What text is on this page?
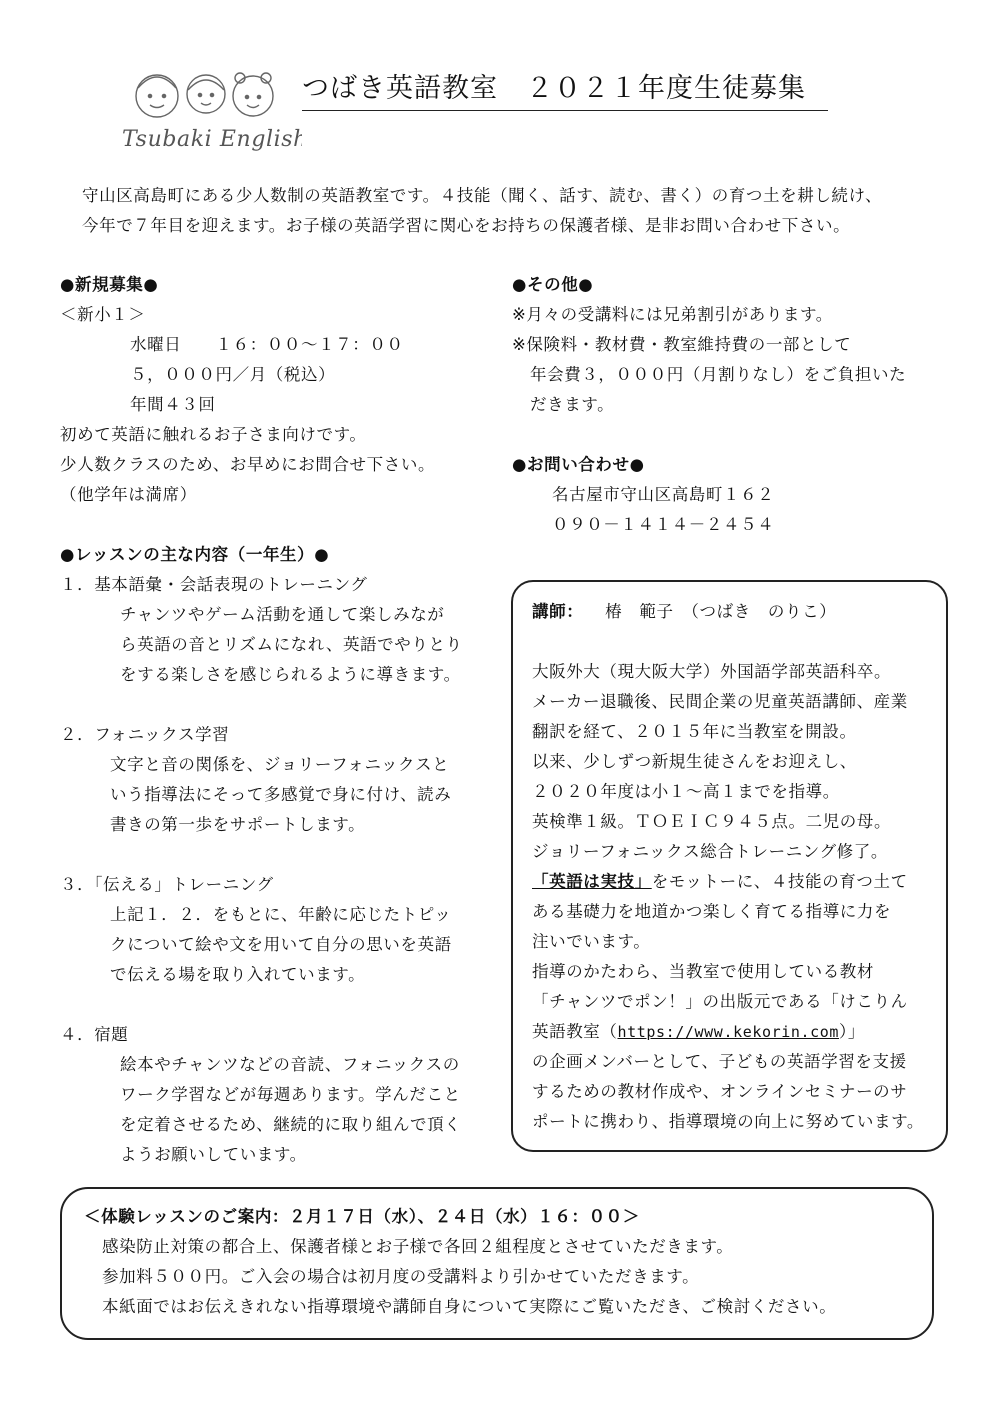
Tsubaki English
つばき英語教室　２０２１年度生徒募集
守山区高島町にある少人数制の英語教室です。４技能（聞く、話す、読む、書く）の育つ土を耕し続け、
今年で７年目を迎えます。お子様の英語学習に関心をお持ちの保護者様、是非お問い合わせ下さい。
●新規募集●
＜新小１＞
水曜日　　１６：００～１７：００
５，０００円／月（税込）
年間４３回
初めて英語に触れるお子さま向けです。
少人数クラスのため、お早めにお問合せ下さい。
（他学年は満席）
●レッスンの主な内容（一年生）●
１．基本語彙・会話表現のトレーニング
チャンツやゲーム活動を通して楽しみなが
ら英語の音とリズムになれ、英語でやりとり
をする楽しさを感じられるように導きます。
２．フォニックス学習
文字と音の関係を、ジョリーフォニックスと
いう指導法にそって多感覚で身に付け、読み
書きの第一歩をサポートします。
３．「伝える」トレーニング
上記１．２．をもとに、年齢に応じたトピッ
クについて絵や文を用いて自分の思いを英語
で伝える場を取り入れています。
４．宿題
絵本やチャンツなどの音読、フォニックスの
ワーク学習などが毎週あります。学んだこと
を定着させるため、継続的に取り組んで頂く
ようお願いしています。
●その他●
※月々の受講料には兄弟割引があります。
※保険料・教材費・教室維持費の一部として
年会費３，０００円（月割りなし）をご負担いた
だきます。
●お問い合わせ●
名古屋市守山区高島町１６２
０９０－１４１４－２４５４
講師： 椿　範子　（つばき　のりこ）
大阪外大（現大阪大学）外国語学部英語科卒。
メーカー退職後、民間企業の児童英語講師、産業
翻訳を経て、２０１５年に当教室を開設。
以来、少しずつ新規生徒さんをお迎えし、
２０２０年度は小１～高１までを指導。
英検準１級。ＴＯＥＩＣ９４５点。二児の母。
ジョリーフォニックス総合トレーニング修了。
「英語は実技」をモットーに、４技能の育つ土て
ある基礎力を地道かつ楽しく育てる指導に力を
注いでいます。
指導のかたわら、当教室で使用している教材
「チャンツでポン！」の出版元である「けこりん
英語教室（https://www.kekorin.com）」
の企画メンバーとして、子どもの英語学習を支援
するための教材作成や、オンラインセミナーのサ
ポートに携わり、指導環境の向上に努めています。
＜体験レッスンのご案内：２月１７日（水）、２４日（水）１６：００＞
感染防止対策の都合上、保護者様とお子様で各回２組程度とさせていただきます。
参加料５００円。ご入会の場合は初月度の受講料より引かせていただきます。
本紙面ではお伝えきれない指導環境や講師自身について実際にご覧いただき、ご検討ください。
